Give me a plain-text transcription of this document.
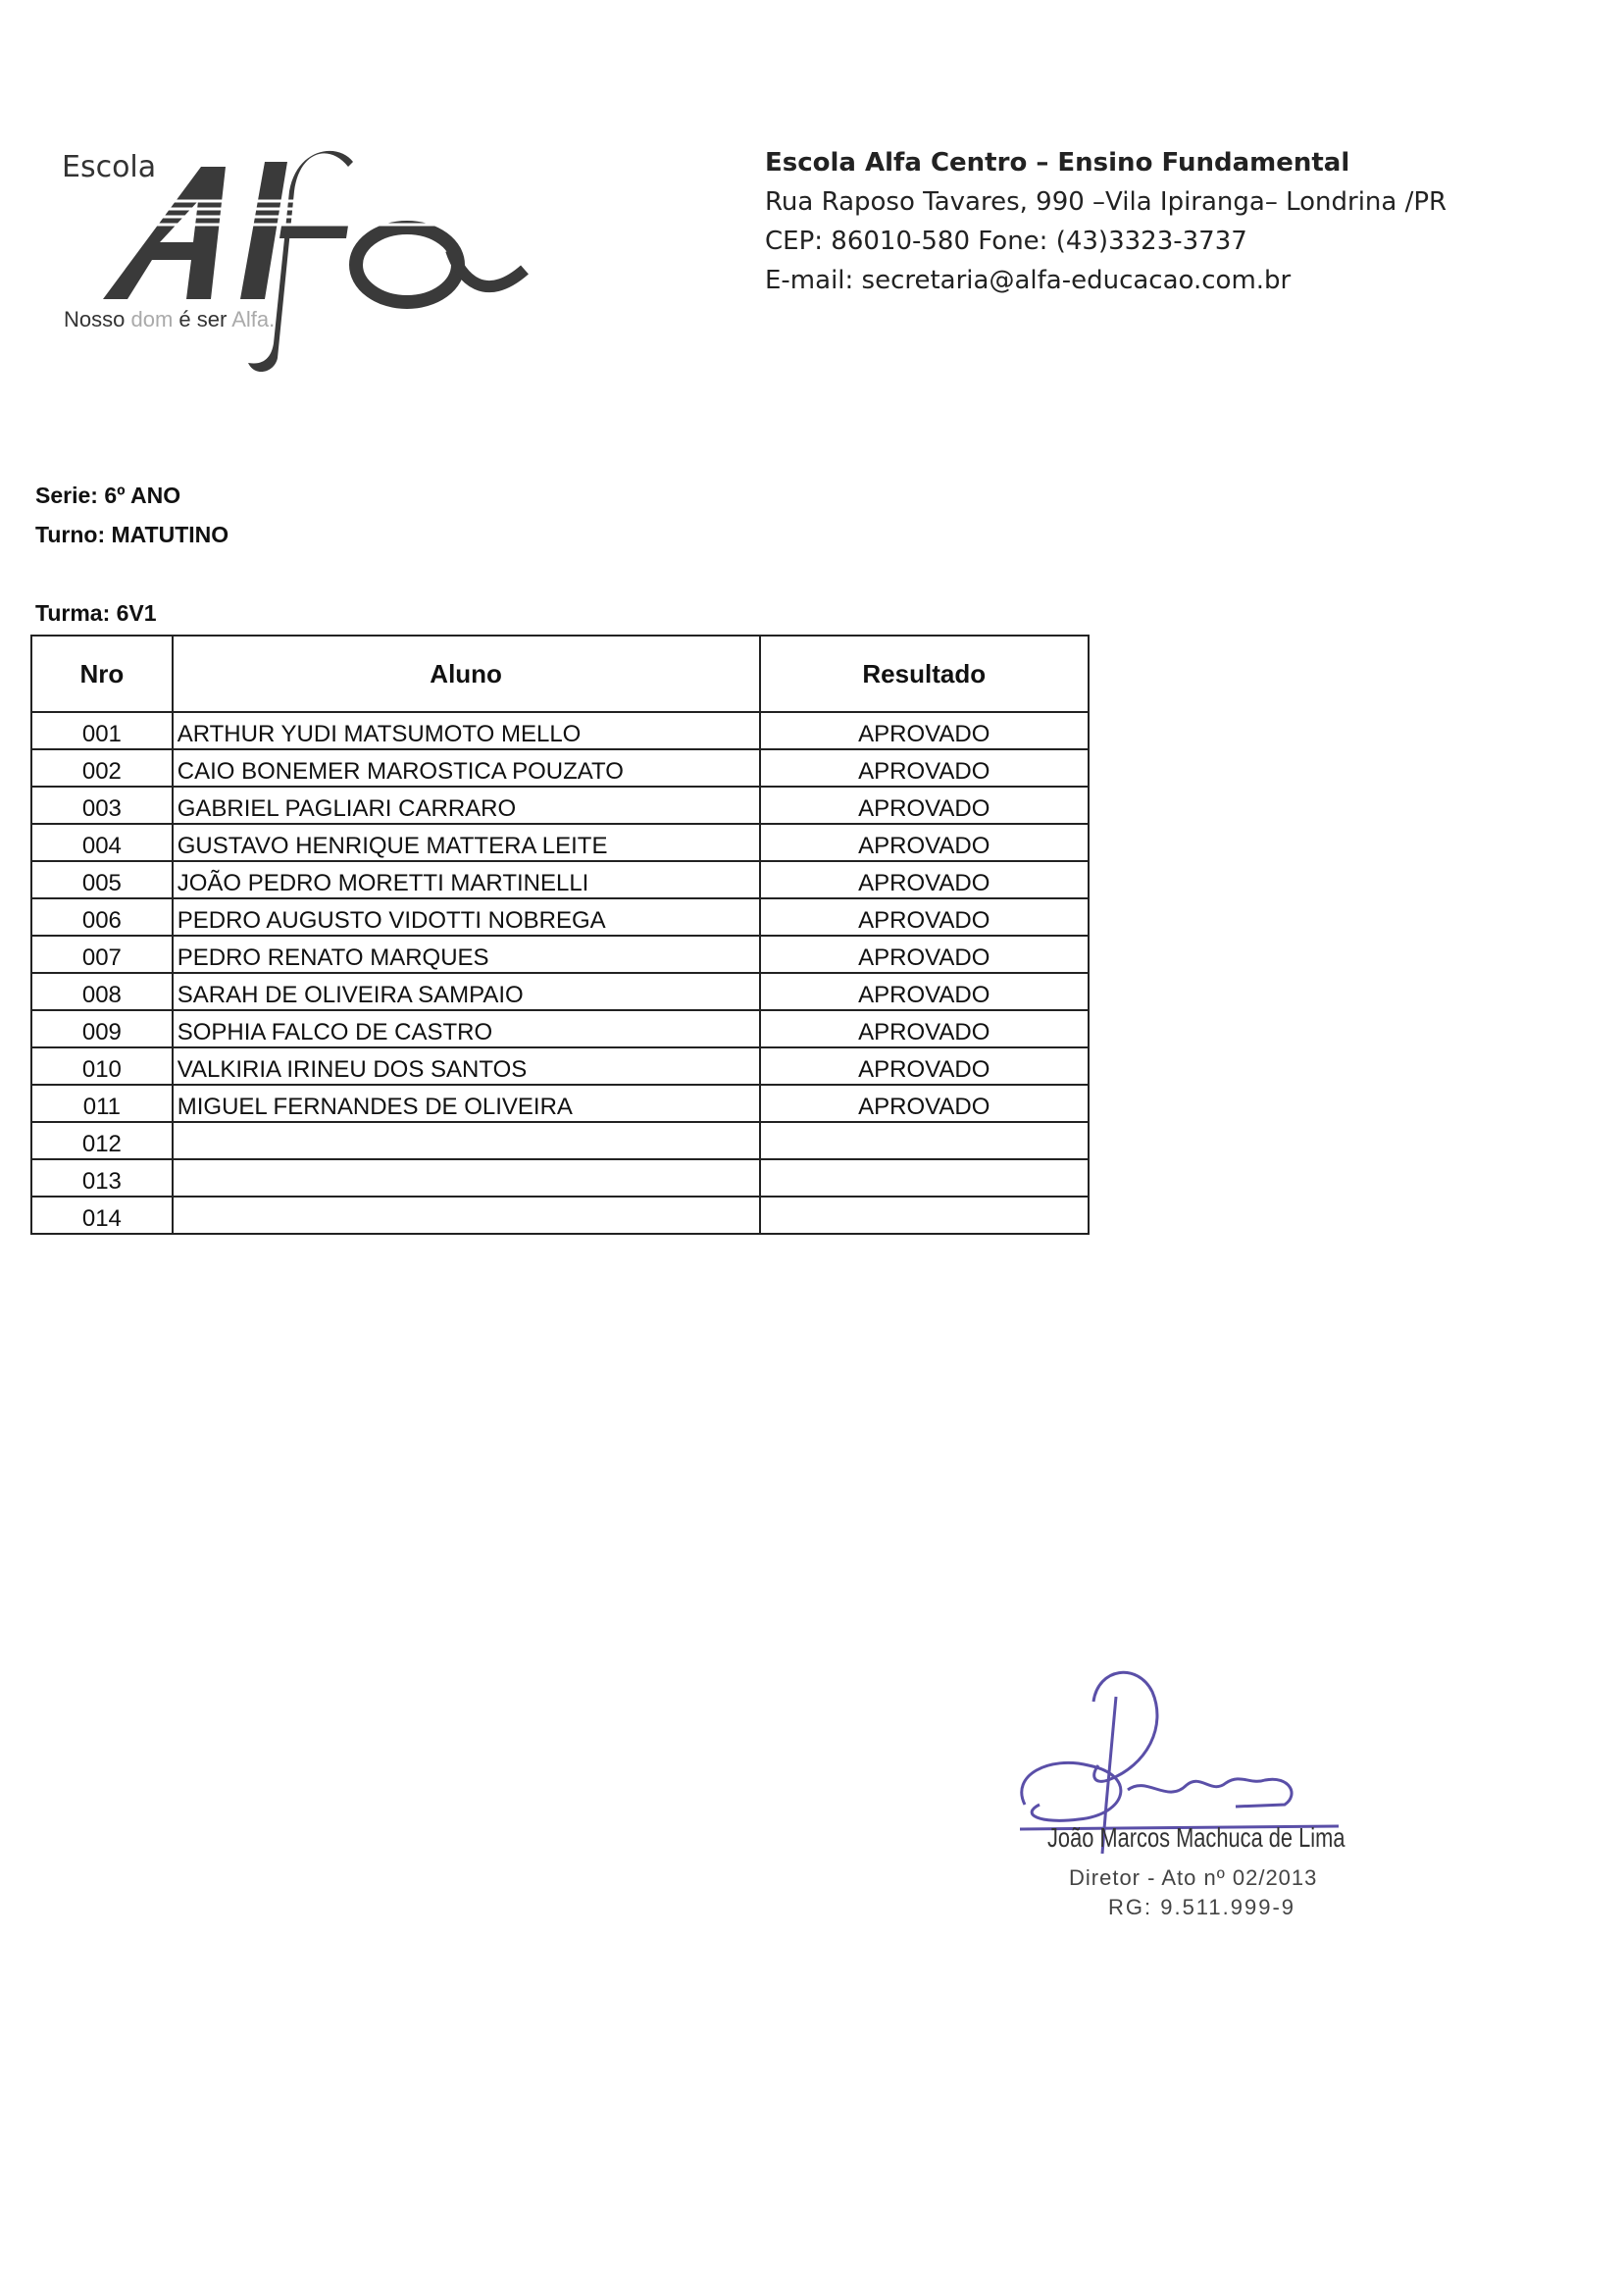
Escola
Nosso dom é ser Alfa.
Escola Alfa Centro – Ensino Fundamental
Rua Raposo Tavares, 990 –Vila Ipiranga– Londrina /PR
CEP: 86010-580 Fone: (43)3323-3737
E-mail: secretaria@alfa-educacao.com.br
Serie: 6º ANO
Turno: MATUTINO
Turma: 6V1
Nro	Aluno	Resultado
001	ARTHUR YUDI MATSUMOTO MELLO	APROVADO
002	CAIO BONEMER MAROSTICA POUZATO	APROVADO
003	GABRIEL PAGLIARI CARRARO	APROVADO
004	GUSTAVO HENRIQUE MATTERA LEITE	APROVADO
005	JOÃO PEDRO MORETTI MARTINELLI	APROVADO
006	PEDRO AUGUSTO VIDOTTI NOBREGA	APROVADO
007	PEDRO RENATO MARQUES	APROVADO
008	SARAH DE OLIVEIRA SAMPAIO	APROVADO
009	SOPHIA FALCO DE CASTRO	APROVADO
010	VALKIRIA IRINEU DOS SANTOS	APROVADO
011	MIGUEL FERNANDES DE OLIVEIRA	APROVADO
012		
013		
014		
João Marcos Machuca de Lima
Diretor - Ato nº 02/2013
RG: 9.511.999-9
